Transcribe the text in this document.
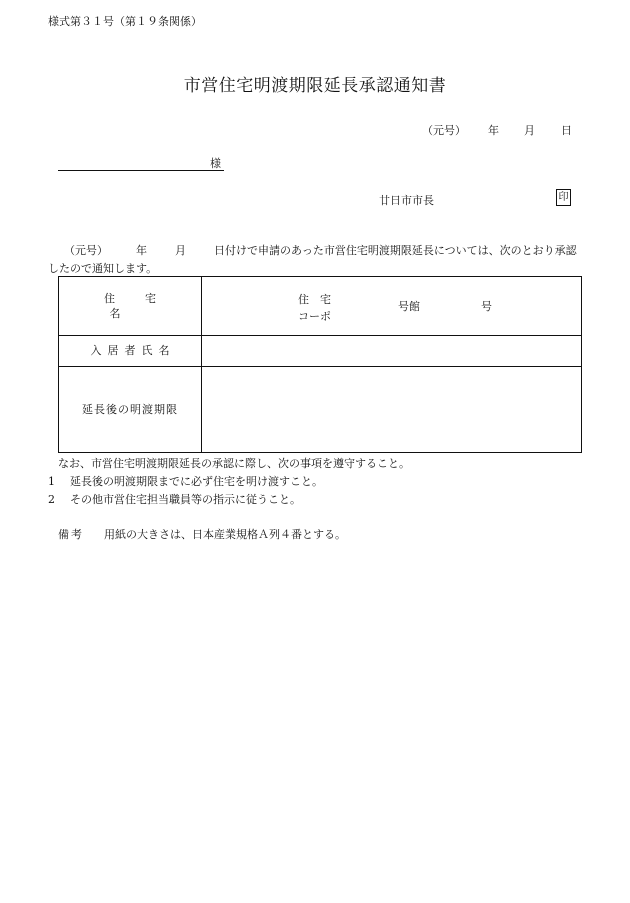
様式第３１号（第１９条関係）
市営住宅明渡期限延長承認通知書
（元号） 年 月 日
様
廿日市市長	印
（元号）	年	月	日付けで申請のあった市営住宅明渡期限延長については、次のとおり承認したので通知します。
住宅名	住　宅
コーポ
号館 号

入居者氏名	
延長後の明渡期限	
なお、市営住宅明渡期限延長の承認に際し、次の事項を遵守すること。
1 延長後の明渡期限までに必ず住宅を明け渡すこと。
2 その他市営住宅担当職員等の指示に従うこと。
備考 用紙の大きさは、日本産業規格Ａ列４番とする。
